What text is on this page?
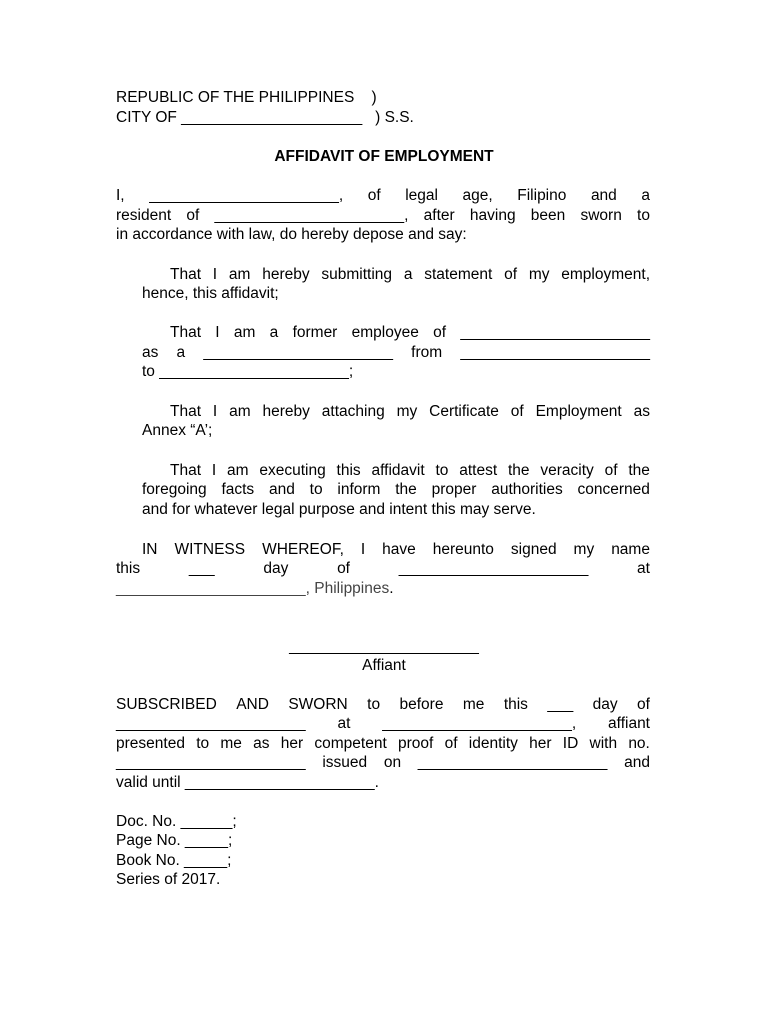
REPUBLIC OF THE PHILIPPINES    )
CITY OF _____________________   ) S.S.
AFFIDAVIT OF EMPLOYMENT
I, ______________________, of legal age, Filipino and a
resident of ______________________, after having been sworn to
in accordance with law, do hereby depose and say:
That I am hereby submitting a statement of my employment,
hence, this affidavit;
That I am a former employee of ______________________
as a ______________________ from ______________________
to ______________________;
That I am hereby attaching my Certificate of Employment as
Annex “A’;
That I am executing this affidavit to attest the veracity of the
foregoing facts and to inform the proper authorities concerned
and for whatever legal purpose and intent this may serve.
IN WITNESS WHEREOF, I have hereunto signed my name
this	___	day	of	______________________	at
______________________, Philippines.
______________________
Affiant
SUBSCRIBED AND SWORN to before me this ___ day of
______________________ at ______________________, affiant
presented to me as her competent proof of identity her ID with no.
______________________ issued on ______________________ and
valid until ______________________.
Doc. No. ______;
Page No. _____;
Book No. _____;
Series of 2017.
